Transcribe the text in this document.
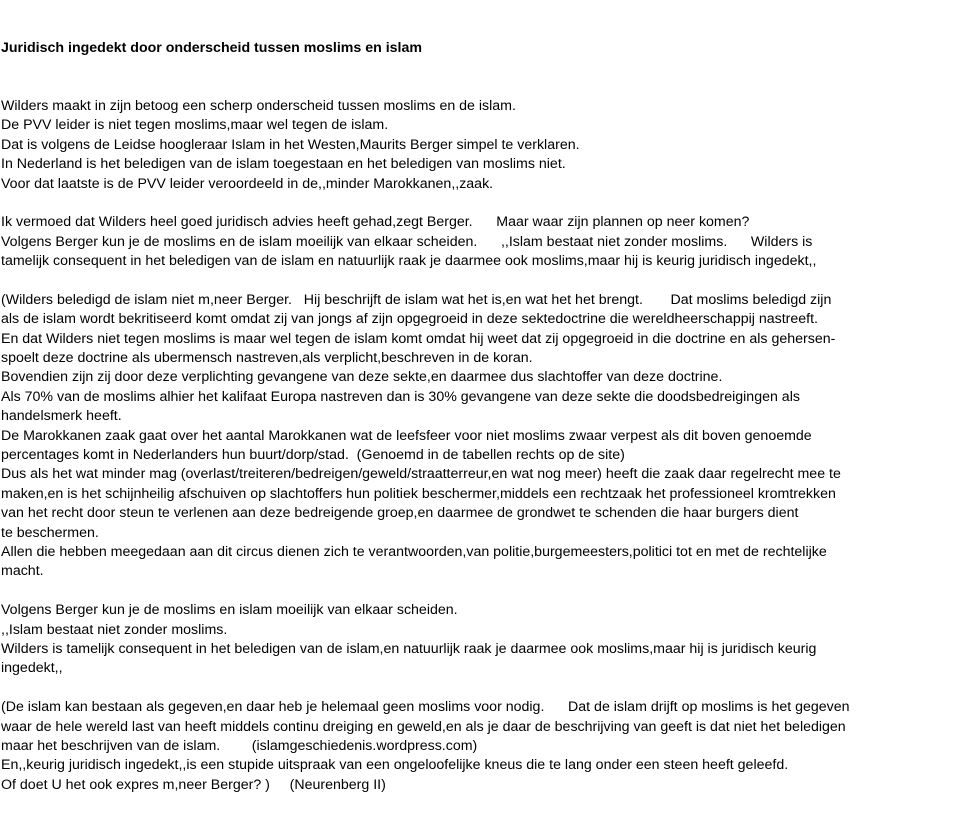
Juridisch ingedekt door onderscheid tussen moslims en islam

Wilders maakt in zijn betoog een scherp onderscheid tussen moslims en de islam.
De PVV leider is niet tegen moslims,maar wel tegen de islam.
Dat is volgens de Leidse hoogleraar Islam in het Westen,Maurits Berger simpel te verklaren.
In Nederland is het beledigen van de islam toegestaan en het beledigen van moslims niet.
Voor dat laatste is de PVV leider veroordeeld in de,,minder Marokkanen,,zaak.
Ik vermoed dat Wilders heel goed juridisch advies heeft gehad,zegt Berger.      Maar waar zijn plannen op neer komen?
Volgens Berger kun je de moslims en de islam moeilijk van elkaar scheiden.      ,,Islam bestaat niet zonder moslims.      Wilders is
tamelijk consequent in het beledigen van de islam en natuurlijk raak je daarmee ook moslims,maar hij is keurig juridisch ingedekt,,
(Wilders beledigd de islam niet m,neer Berger.   Hij beschrijft de islam wat het is,en wat het het brengt.       Dat moslims beledigd zijn
als de islam wordt bekritiseerd komt omdat zij van jongs af zijn opgegroeid in deze sektedoctrine die wereldheerschappij nastreeft.
En dat Wilders niet tegen moslims is maar wel tegen de islam komt omdat hij weet dat zij opgegroeid in die doctrine en als gehersen-
spoelt deze doctrine als ubermensch nastreven,als verplicht,beschreven in de koran.
Bovendien zijn zij door deze verplichting gevangene van deze sekte,en daarmee dus slachtoffer van deze doctrine.
Als 70% van de moslims alhier het kalifaat Europa nastreven dan is 30% gevangene van deze sekte die doodsbedreigingen als
handelsmerk heeft.
De Marokkanen zaak gaat over het aantal Marokkanen wat de leefsfeer voor niet moslims zwaar verpest als dit boven genoemde
percentages komt in Nederlanders hun buurt/dorp/stad.  (Genoemd in de tabellen rechts op de site)
Dus als het wat minder mag (overlast/treiteren/bedreigen/geweld/straatterreur,en wat nog meer) heeft die zaak daar regelrecht mee te
maken,en is het schijnheilig afschuiven op slachtoffers hun politiek beschermer,middels een rechtzaak het professioneel kromtrekken
van het recht door steun te verlenen aan deze bedreigende groep,en daarmee de grondwet te schenden die haar burgers dient
te beschermen.
Allen die hebben meegedaan aan dit circus dienen zich te verantwoorden,van politie,burgemeesters,politici tot en met de rechtelijke
macht.
Volgens Berger kun je de moslims en islam moeilijk van elkaar scheiden.
,,Islam bestaat niet zonder moslims.
Wilders is tamelijk consequent in het beledigen van de islam,en natuurlijk raak je daarmee ook moslims,maar hij is juridisch keurig
ingedekt,,
(De islam kan bestaan als gegeven,en daar heb je helemaal geen moslims voor nodig.      Dat de islam drijft op moslims is het gegeven
waar de hele wereld last van heeft middels continu dreiging en geweld,en als je daar de beschrijving van geeft is dat niet het beledigen
maar het beschrijven van de islam.        (islamgeschiedenis.wordpress.com)
En,,keurig juridisch ingedekt,,is een stupide uitspraak van een ongeloofelijke kneus die te lang onder een steen heeft geleefd.
Of doet U het ook expres m,neer Berger? )     (Neurenberg II)
